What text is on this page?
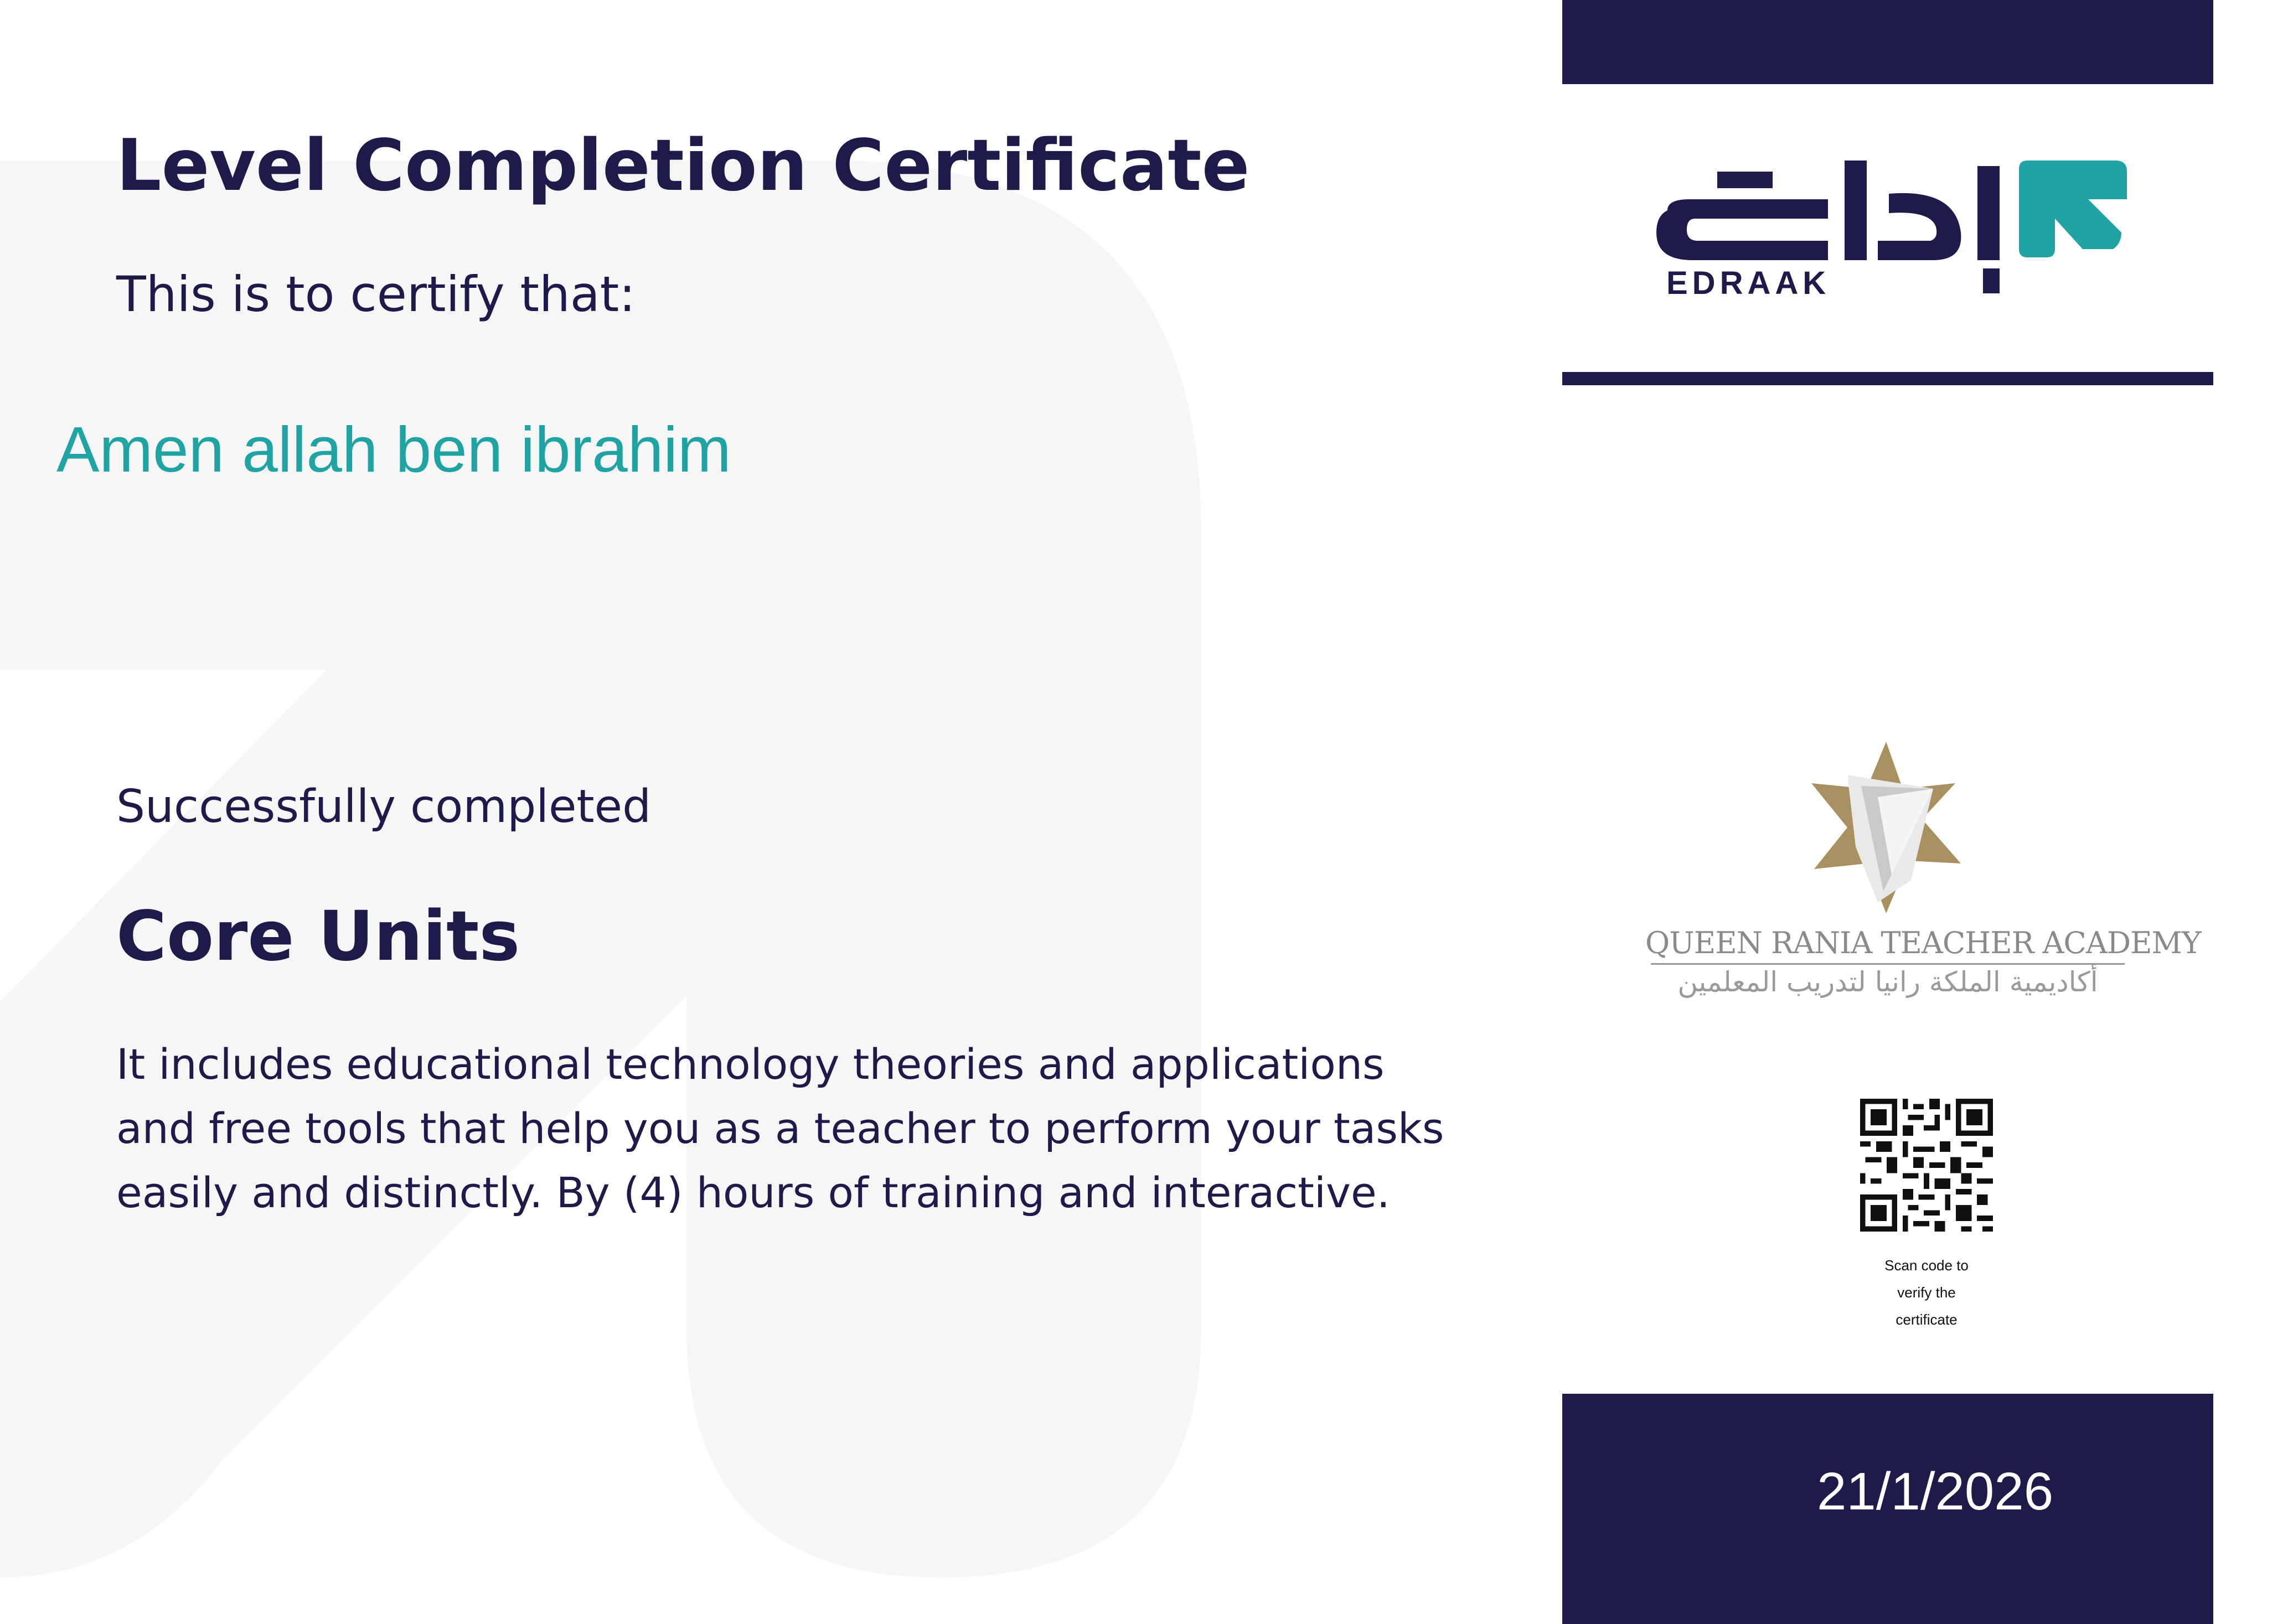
Level Completion Certificate
This is to certify that:
Amen allah ben ibrahim
Successfully completed
Core Units
It includes educational technology theories and applications and free tools that help you as a teacher to perform your tasks easily and distinctly. By (4) hours of training and interactive.
EDRAAK
QUEEN RANIA TEACHER ACADEMY
أكاديمية الملكة رانيا لتدريب المعلمين
Scan code to
verify the
certificate
21/1/2026
